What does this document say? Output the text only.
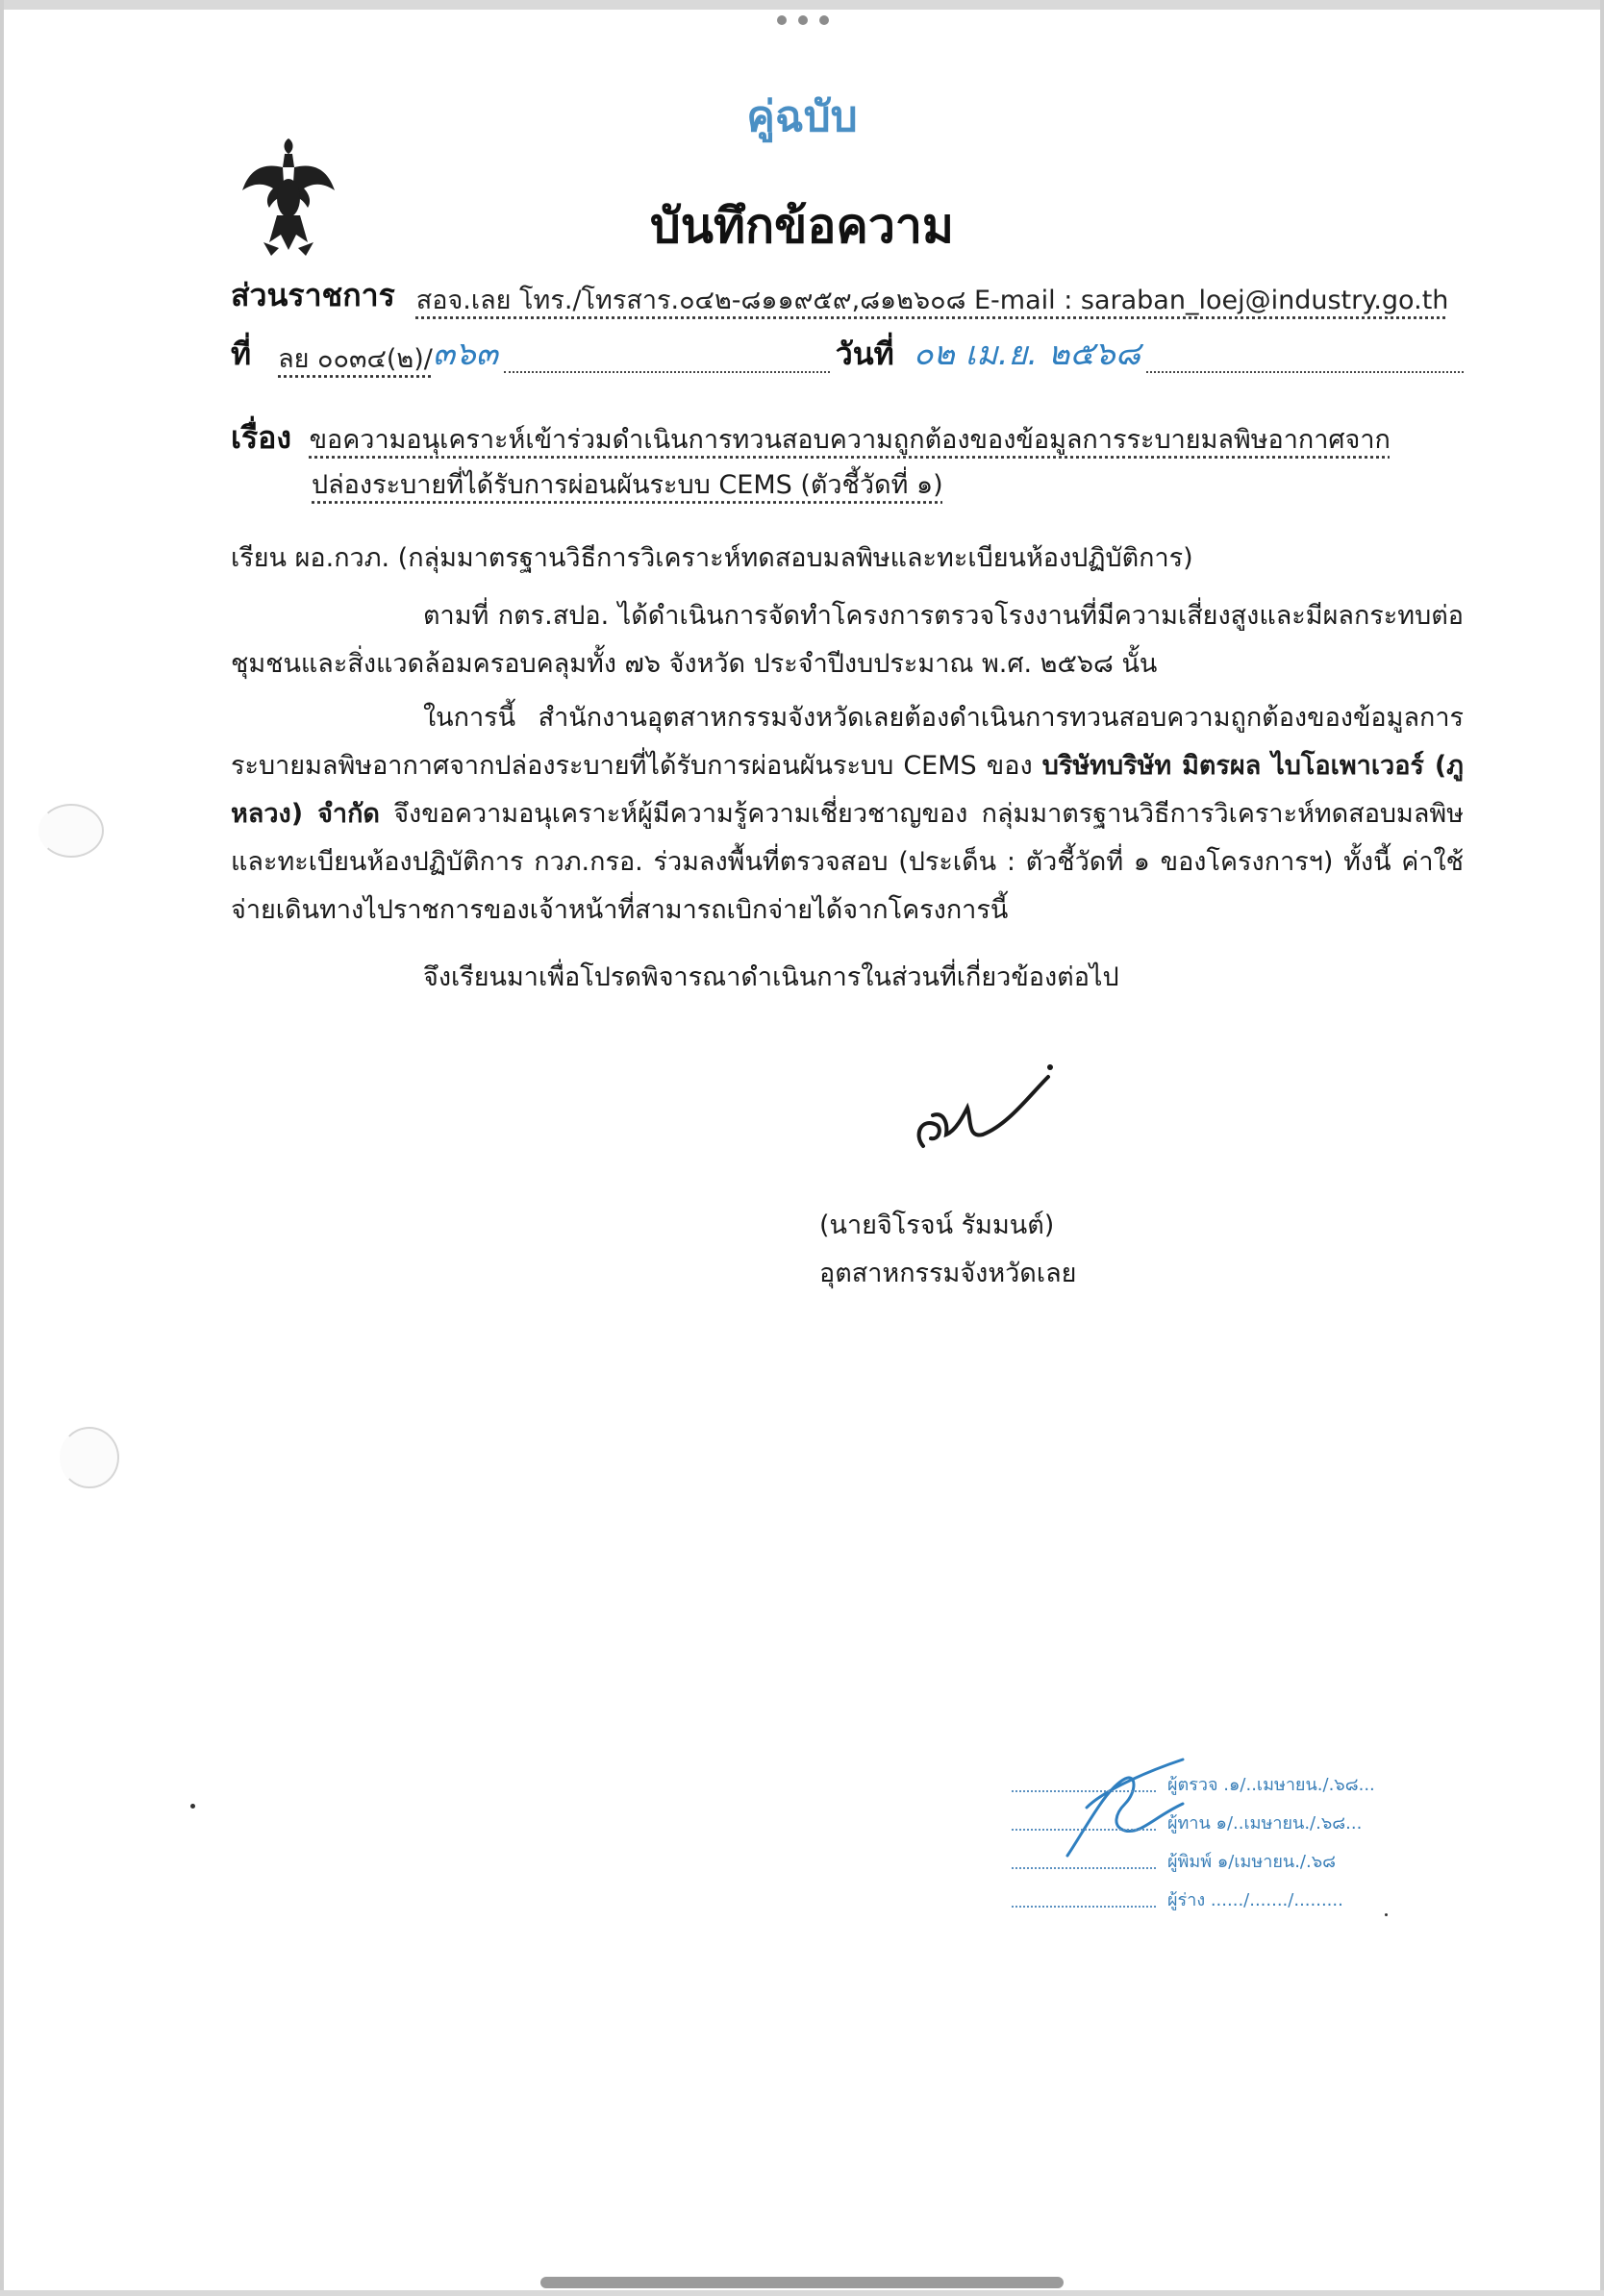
คู่ฉบับ
บันทึกข้อความ
ส่วนราชการ สอจ.เลย โทร./โทรสาร.๐๔๒-๘๑๑๙๕๙,๘๑๒๖๐๘ E-mail : saraban_loej@industry.go.th
ที่ ลย ๐๐๓๔(๒)/ ๓๖๓	วันที่ ๐๒ เม.ย. ๒๕๖๘
เรื่อง ขอความอนุเคราะห์เข้าร่วมดำเนินการทวนสอบความถูกต้องของข้อมูลการระบายมลพิษอากาศจาก
ปล่องระบายที่ได้รับการผ่อนผันระบบ CEMS (ตัวชี้วัดที่ ๑)
เรียน ผอ.กวภ. (กลุ่มมาตรฐานวิธีการวิเคราะห์ทดสอบมลพิษและทะเบียนห้องปฏิบัติการ)
ตามที่ กตร.สปอ. ได้ดำเนินการจัดทำโครงการตรวจโรงงานที่มีความเสี่ยงสูงและมีผลกระทบต่อชุมชนและสิ่งแวดล้อมครอบคลุมทั้ง ๗๖ จังหวัด ประจำปีงบประมาณ พ.ศ. ๒๕๖๘ นั้น
ในการนี้ สำนักงานอุตสาหกรรมจังหวัดเลยต้องดำเนินการทวนสอบความถูกต้องของข้อมูลการระบายมลพิษอากาศจากปล่องระบายที่ได้รับการผ่อนผันระบบ CEMS ของ บริษัทบริษัท มิตรผล ไบโอเพาเวอร์ (ภูหลวง) จำกัด จึงขอความอนุเคราะห์ผู้มีความรู้ความเชี่ยวชาญของ กลุ่มมาตรฐานวิธีการวิเคราะห์ทดสอบมลพิษและทะเบียนห้องปฏิบัติการ กวภ.กรอ. ร่วมลงพื้นที่ตรวจสอบ (ประเด็น : ตัวชี้วัดที่ ๑ ของโครงการฯ) ทั้งนี้ ค่าใช้จ่ายเดินทางไปราชการของเจ้าหน้าที่สามารถเบิกจ่ายได้จากโครงการนี้
จึงเรียนมาเพื่อโปรดพิจารณาดำเนินการในส่วนที่เกี่ยวข้องต่อไป
(นายจิโรจน์ รัมมนต์)
อุตสาหกรรมจังหวัดเลย
ผู้ตรวจ .๑/..เมษายน./.๖๘...
ผู้ทาน ๑/..เมษายน./.๖๘...
ผู้พิมพ์ ๑/เมษายน./.๖๘
ผู้ร่าง ....../......./.........
